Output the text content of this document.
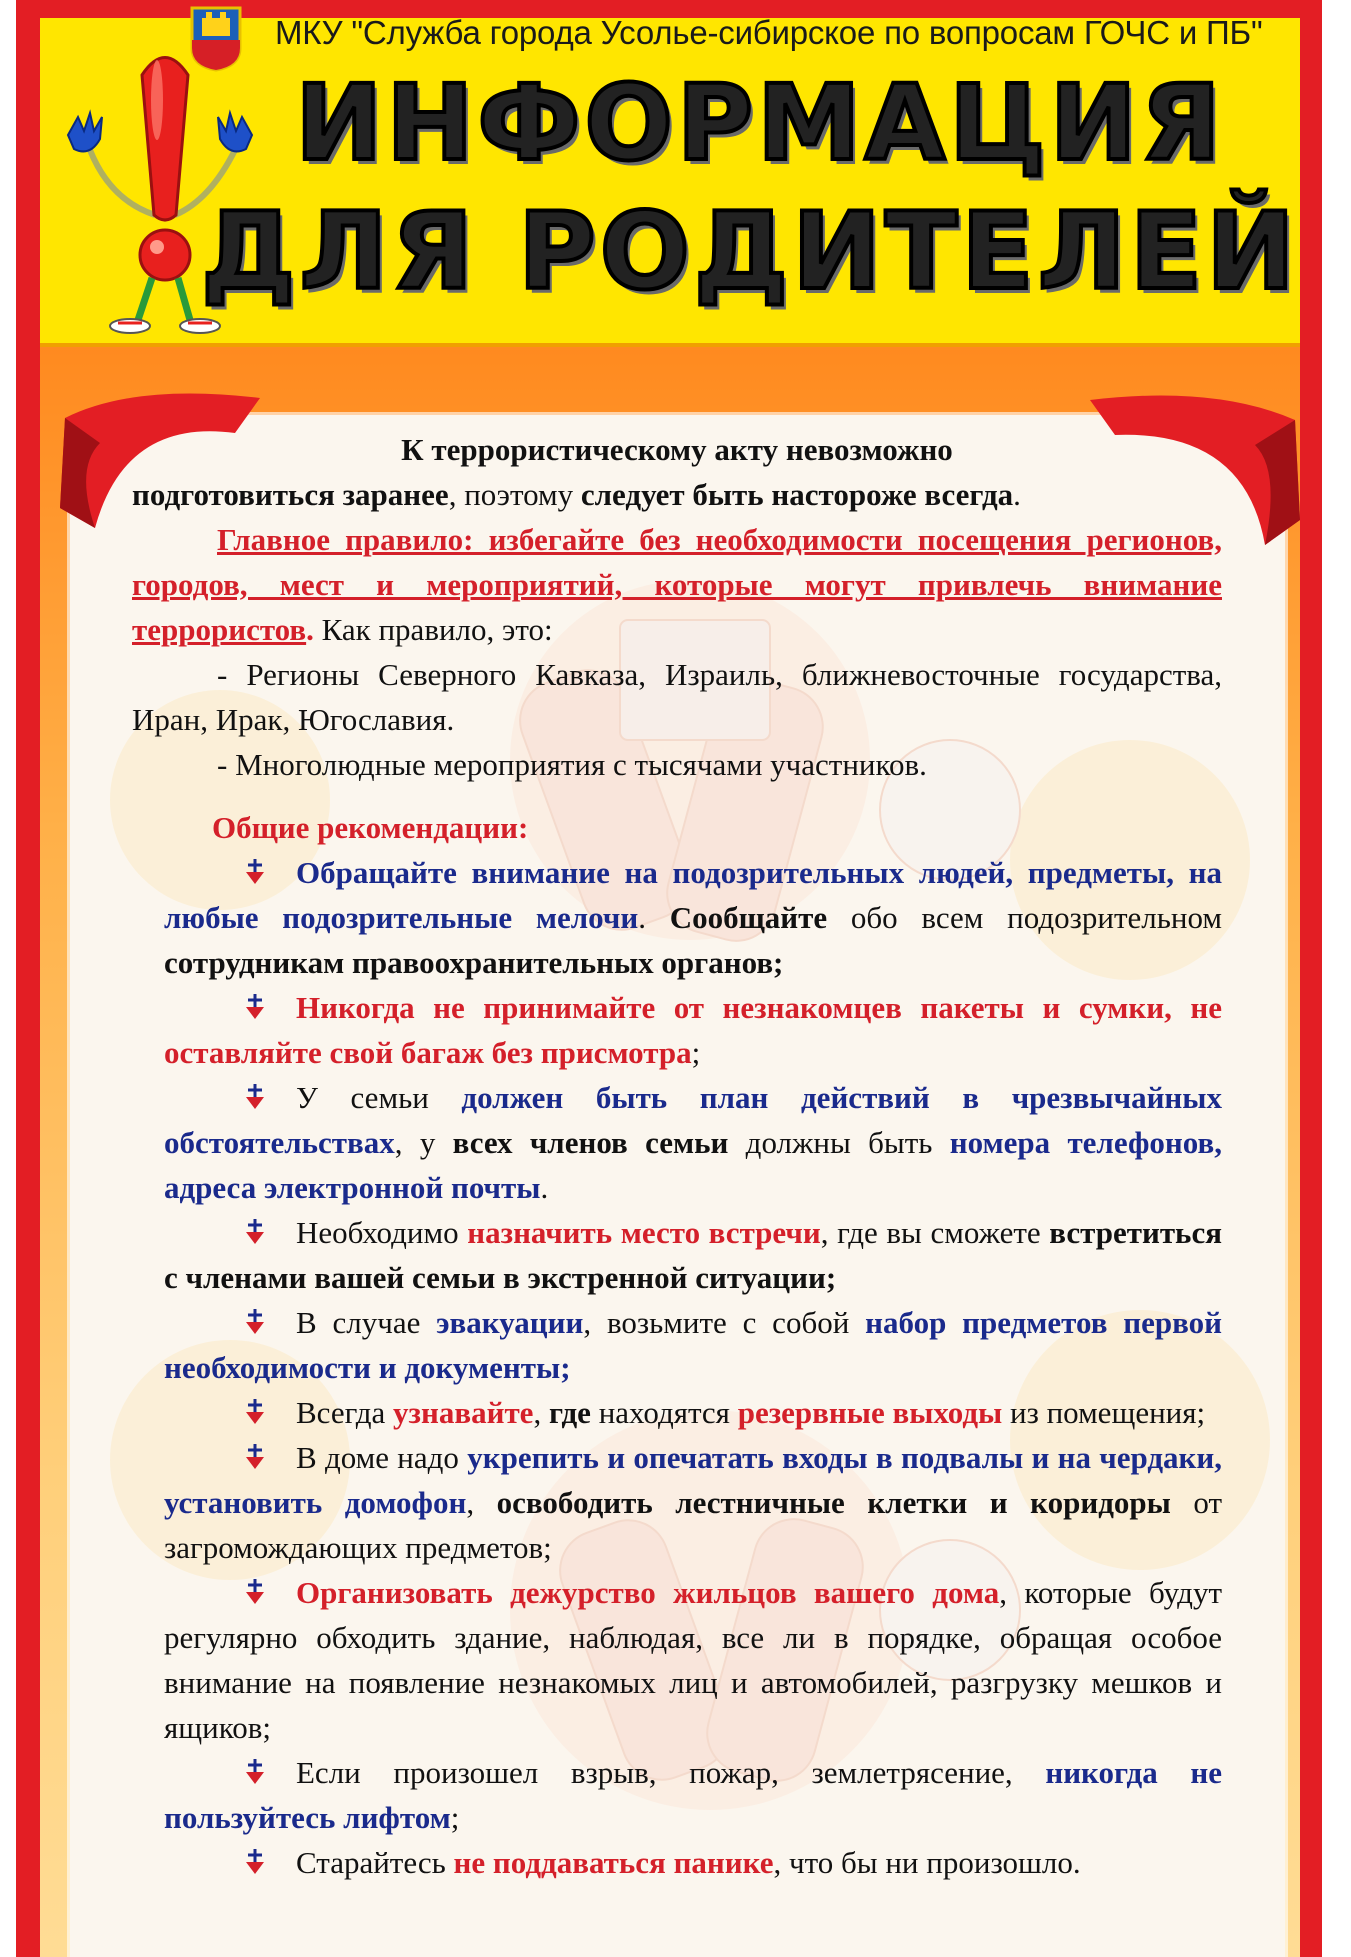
МКУ "Служба города Усолье-сибирское по вопросам ГОЧС и ПБ"
ИНФОРМАЦИЯ
ДЛЯ РОДИТЕЛЕЙ

К террористическому акту невозможно

подготовиться заранее, поэтому следует быть настороже всегда.

Главное правило: избегайте без необходимости посещения регионов, городов, мест и мероприятий, которые могут привлечь внимание террористов. Как правило, это:

- Регионы Северного Кавказа, Израиль, ближневосточные государства, Иран, Ирак, Югославия.

- Многолюдные мероприятия с тысячами участников.

Общие рекомендации:

Обращайте внимание на подозрительных людей, предметы, на любые подозрительные мелочи. Сообщайте обо всем подозрительном сотрудникам правоохранительных органов;

Никогда не принимайте от незнакомцев пакеты и сумки, не оставляйте свой багаж без присмотра;

У семьи должен быть план действий в чрезвычайных обстоятельствах, у всех членов семьи должны быть номера телефонов, адреса электронной почты.

Необходимо назначить место встречи, где вы сможете встретиться с членами вашей семьи в экстренной ситуации;

В случае эвакуации, возьмите с собой набор предметов первой необходимости и документы;

Всегда узнавайте, где находятся резервные выходы из помещения;

В доме надо укрепить и опечатать входы в подвалы и на чердаки, установить домофон, освободить лестничные клетки и коридоры от загромождающих предметов;

Организовать дежурство жильцов вашего дома, которые будут регулярно обходить здание, наблюдая, все ли в порядке, обращая особое внимание на появление незнакомых лиц и автомобилей, разгрузку мешков и ящиков;

Если произошел взрыв, пожар, землетрясение, никогда не пользуйтесь лифтом;

Старайтесь не поддаваться панике, что бы ни произошло.
